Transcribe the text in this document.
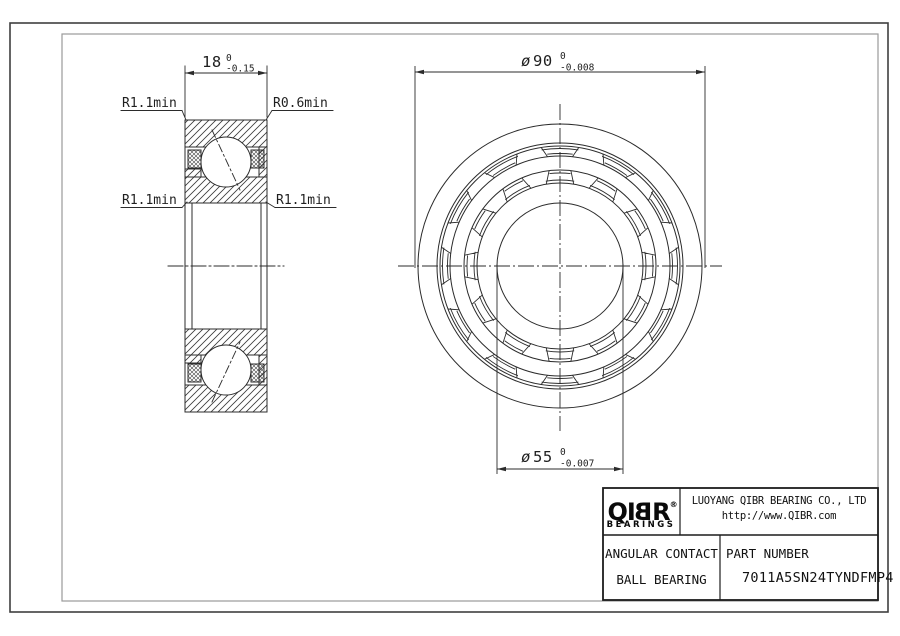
18 0
-0.15
R1.1min	R0.6min
R1.1min	R1.1min
ø 90 0
-0.008
ø 55 0
-0.007
QIBR®
BEARINGS
LUOYANG QIBR BEARING CO., LTD
http://www.QIBR.com
ANGULAR CONTACT
BALL BEARING
PART NUMBER
7011A5SN24TYNDFMP4
